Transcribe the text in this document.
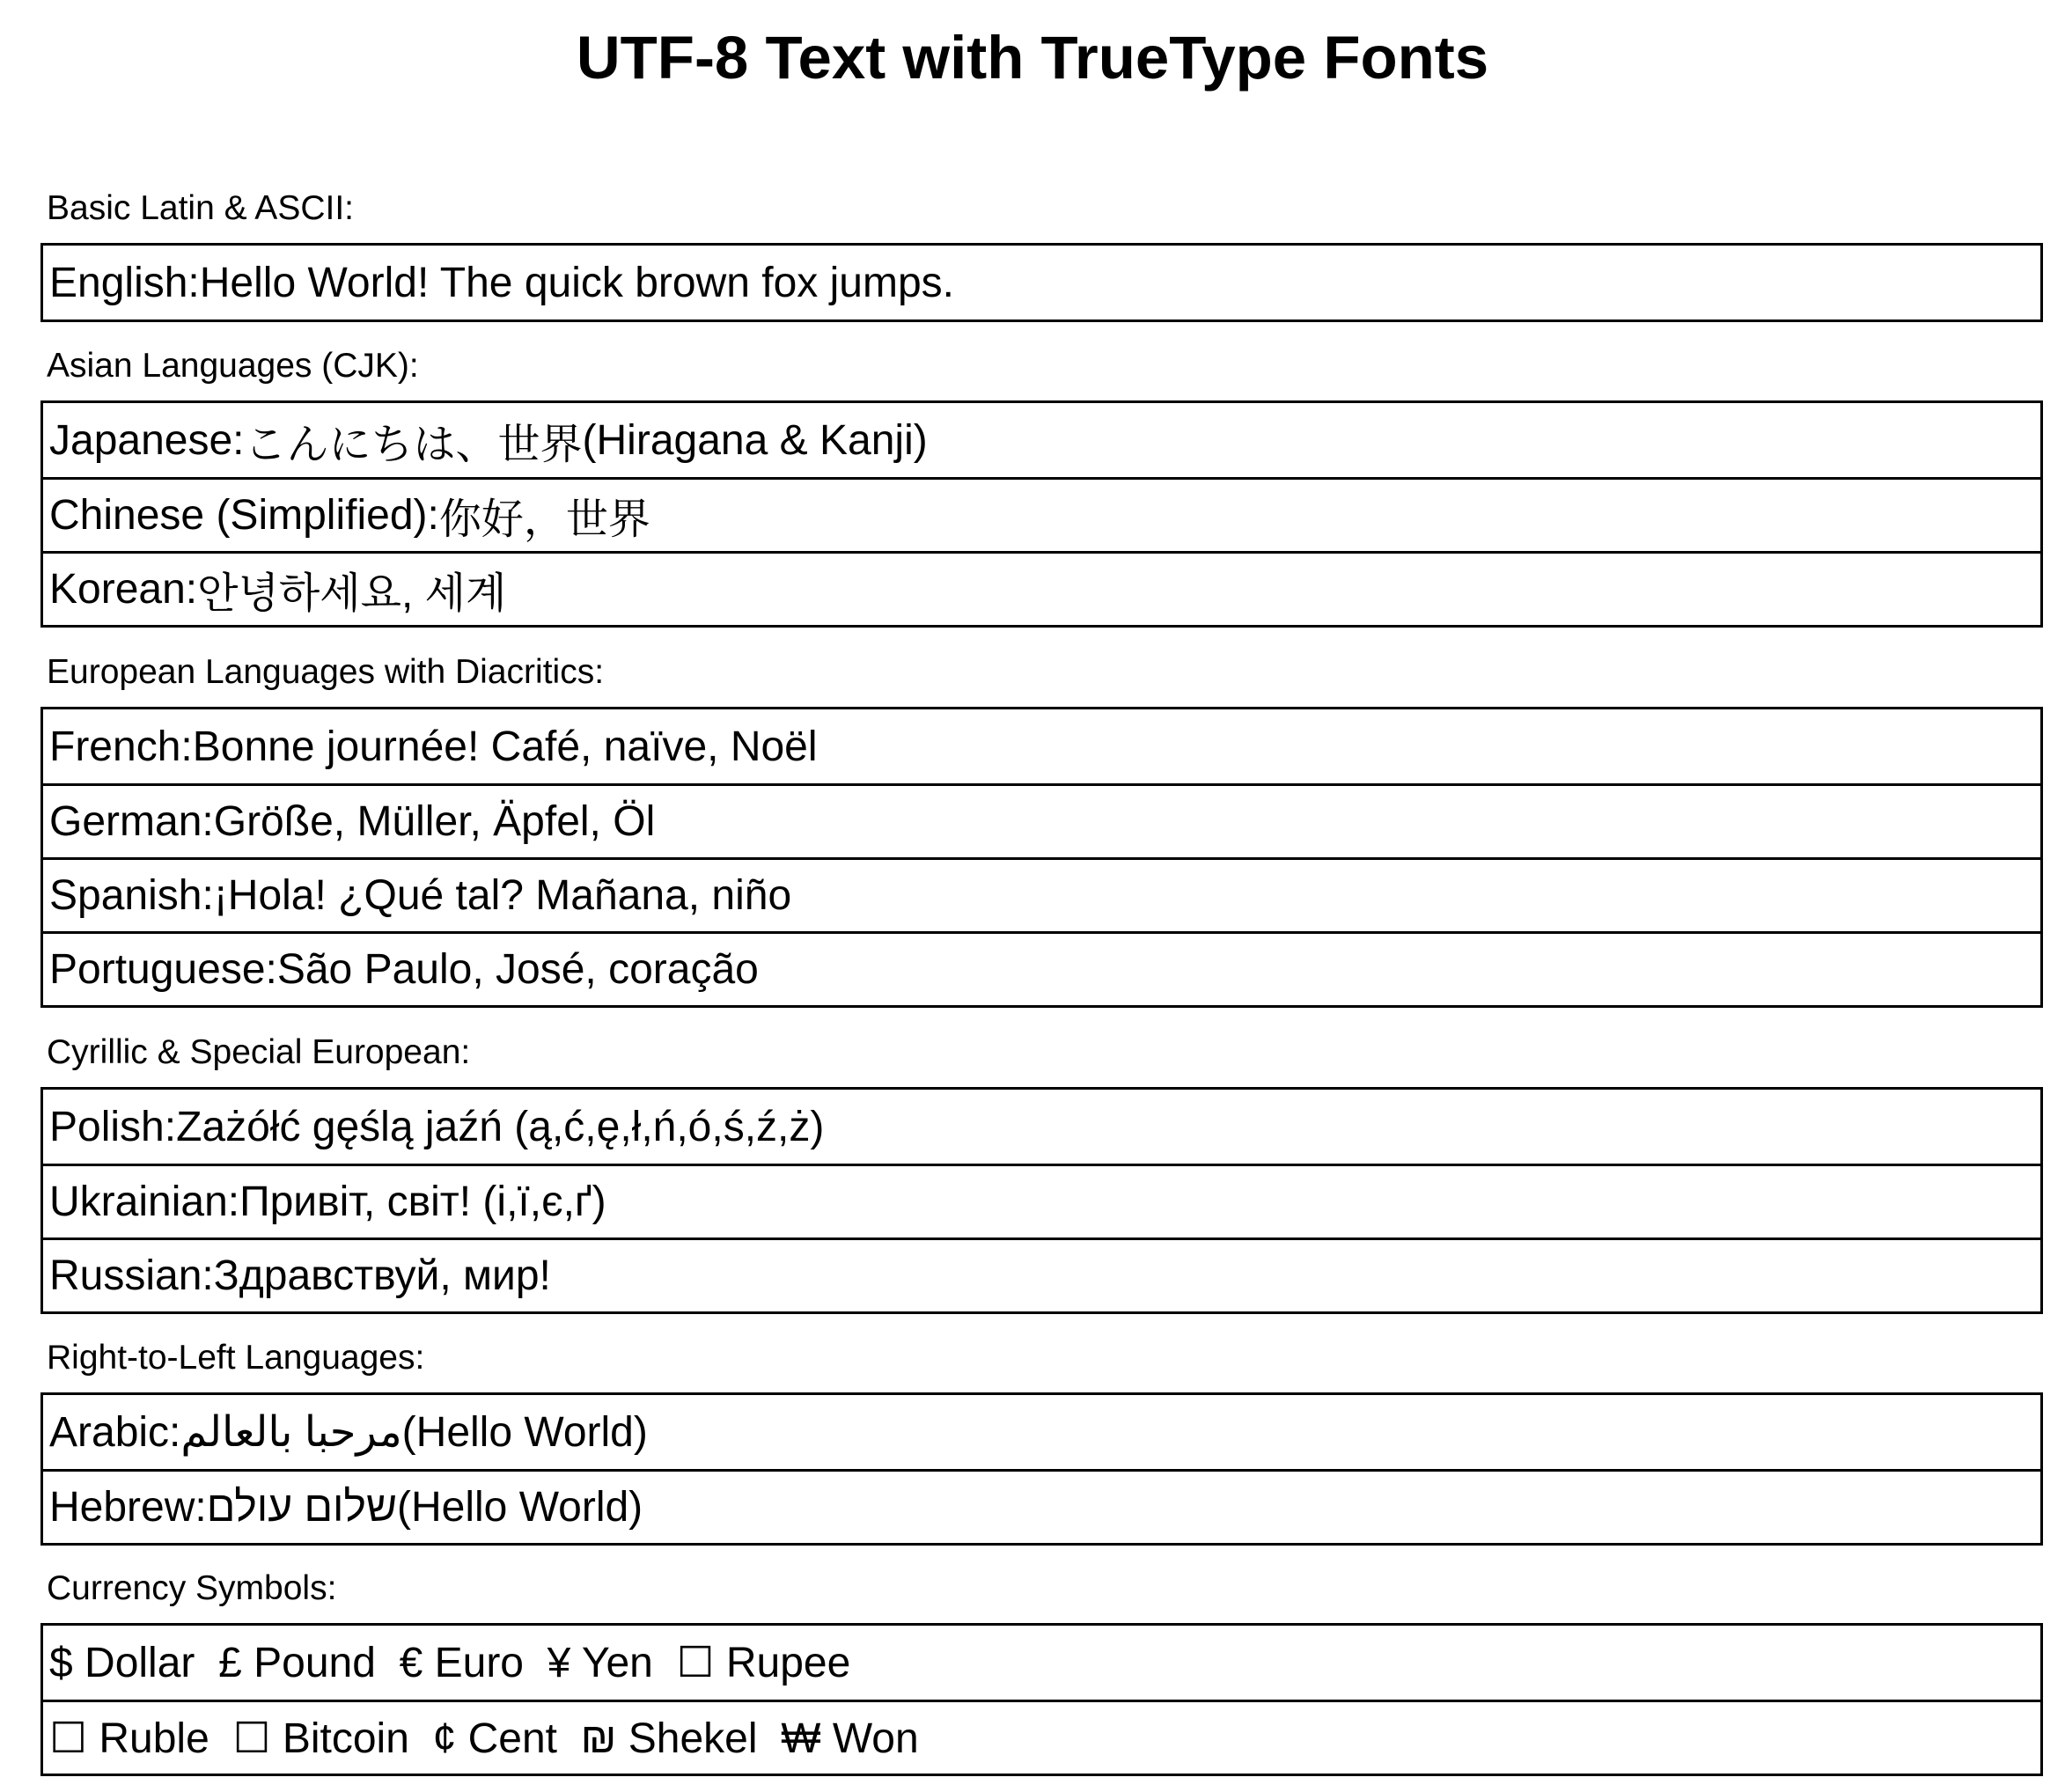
UTF-8 Text with TrueType Fonts
Basic Latin & ASCII:
English: Hello World! The quick brown fox jumps.
Asian Languages (CJK):
Japanese: こんにちは、世界 (Hiragana & Kanji)
Chinese (Simplified): 你好，世界
Korean: 안녕하세요, 세계
European Languages with Diacritics:
French: Bonne journée! Café, naïve, Noël
German: Größe, Müller, Äpfel, Öl
Spanish: ¡Hola! ¿Qué tal? Mañana, niño
Portuguese: São Paulo, José, coração
Cyrillic & Special European:
Polish: Zażółć gęślą jaźń (ą,ć,ę,ł,ń,ó,ś,ź,ż)
Ukrainian: Привіт, світ! (і,ї,є,ґ)
Russian: Здравствуй, мир!
Right-to-Left Languages:
Arabic: مرحبا بالعالم (Hello World)
Hebrew: שלום עולם (Hello World)
Currency Symbols:
$ Dollar  £ Pound  € Euro  ¥ Yen  ☐ Rupee
☐ Ruble  ☐ Bitcoin  ¢ Cent  ₪ Shekel  ₩ Won
